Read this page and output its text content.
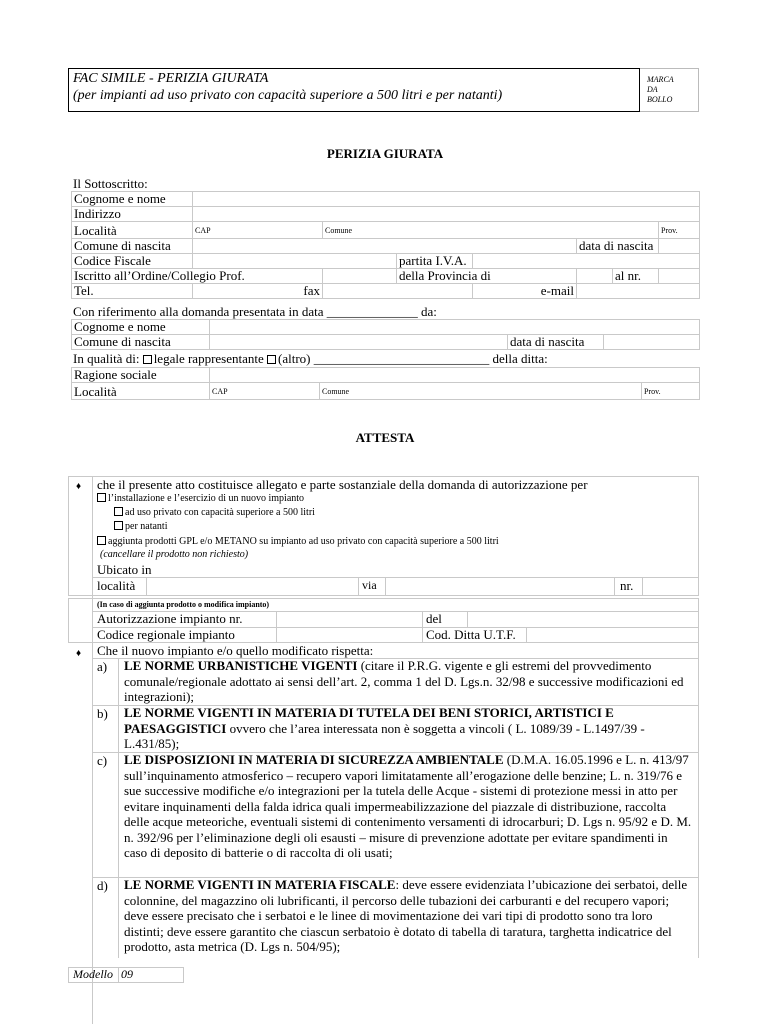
FAC SIMILE - PERIZIA GIURATA
(per impianti ad uso privato con capacità superiore a 500 litri e per natanti)
MARCA
DA
BOLLO
PERIZIA GIURATA
Il Sottoscritto:
Cognome e nome							
Indirizzo							
Località	CAP	Comune					Prov.
Comune di nascita					data di nascita		
Codice Fiscale			partita I.V.A.				
Iscritto all’Ordine/Collegio Prof.			della Provincia di			al nr.	
Tel.	fax			e-mail			
Con riferimento alla domanda presentata in data ______________ da:
Cognome e nome			
Comune di nascita		data di nascita	
In qualità di: legale rappresentante (altro) ___________________________ della ditta:
Ragione sociale			
Località	CAP	Comune	Prov.
ATTESTA
♦ che il presente atto costituisce allegato e parte sostanziale della domanda di autorizzazione per
l’installazione e l’esercizio di un nuovo impianto
ad uso privato con capacità superiore a 500 litri
per natanti
aggiunta prodotti GPL e/o METANO su impianto ad uso privato con capacità superiore a 500 litri
(cancellare il prodotto non richiesto)
Ubicato in
località	via	nr.
(In caso di aggiunta prodotto o modifica impianto)
Autorizzazione impianto nr.	del
Codice regionale impianto	Cod. Ditta U.T.F.
♦ Che il nuovo impianto e/o quello modificato rispetta:
a) LE NORME URBANISTICHE VIGENTI (citare il P.R.G. vigente e gli estremi del provvedimento comunale/regionale adottato ai sensi dell’art. 2, comma 1 del D. Lgs.n. 32/98 e successive modificazioni ed integrazioni);
b) LE NORME VIGENTI IN MATERIA DI TUTELA DEI BENI STORICI, ARTISTICI E PAESAGGISTICI ovvero che l’area interessata non è soggetta a vincoli ( L. 1089/39 - L.1497/39 - L.431/85);
c) LE DISPOSIZIONI IN MATERIA DI SICUREZZA AMBIENTALE (D.M.A. 16.05.1996 e L. n. 413/97 sull’inquinamento atmosferico – recupero vapori limitatamente all’erogazione delle benzine; L. n. 319/76 e sue successive modifiche e/o integrazioni per la tutela delle Acque - sistemi di protezione messi in atto per evitare inquinamenti della falda idrica quali impermeabilizzazione del piazzale di distribuzione, raccolta delle acque meteoriche, eventuali sistemi di contenimento versamenti di idrocarburi; D. Lgs n. 95/92 e D. M. n. 392/96 per l’eliminazione degli oli esausti – misure di prevenzione adottate per evitare spandimenti in caso di deposito di batterie o di raccolta di oli usati;
d) LE NORME VIGENTI IN MATERIA FISCALE: deve essere evidenziata l’ubicazione dei serbatoi, delle colonnine, del magazzino oli lubrificanti, il percorso delle tubazioni dei carburanti e del recupero vapori; deve essere precisato che i serbatoi e le linee di movimentazione dei vari tipi di prodotto sono tra loro distinti; deve essere garantito che ciascun serbatoio è dotato di tabella di taratura, targhetta indicatrice del prodotto, asta metrica (D. Lgs n. 504/95);
Modello 09
